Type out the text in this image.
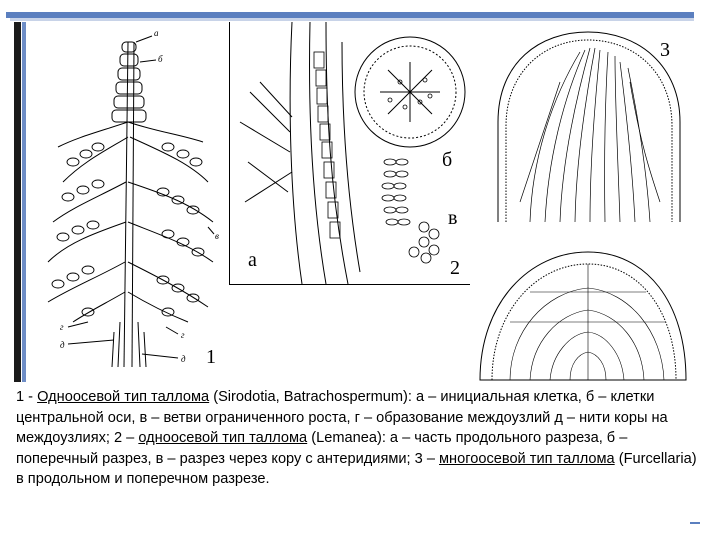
а
б
в
г
г
д
д
а
б
в
2
3
1
1 - Одноосевой тип таллома (Sirodotia, Batrachospermum): а – инициальная клетка, б – клетки центральной оси, в – ветви ограниченного роста, г – образование междоузлий д – нити коры на междоузлиях; 2 – одноосевой тип таллома (Lemanea): а – часть продольного разреза, б – поперечный разрез, в – разрез через кору с антеридиями; 3 – многоосевой тип таллома (Furcellaria) в продольном и поперечном разрезе.
